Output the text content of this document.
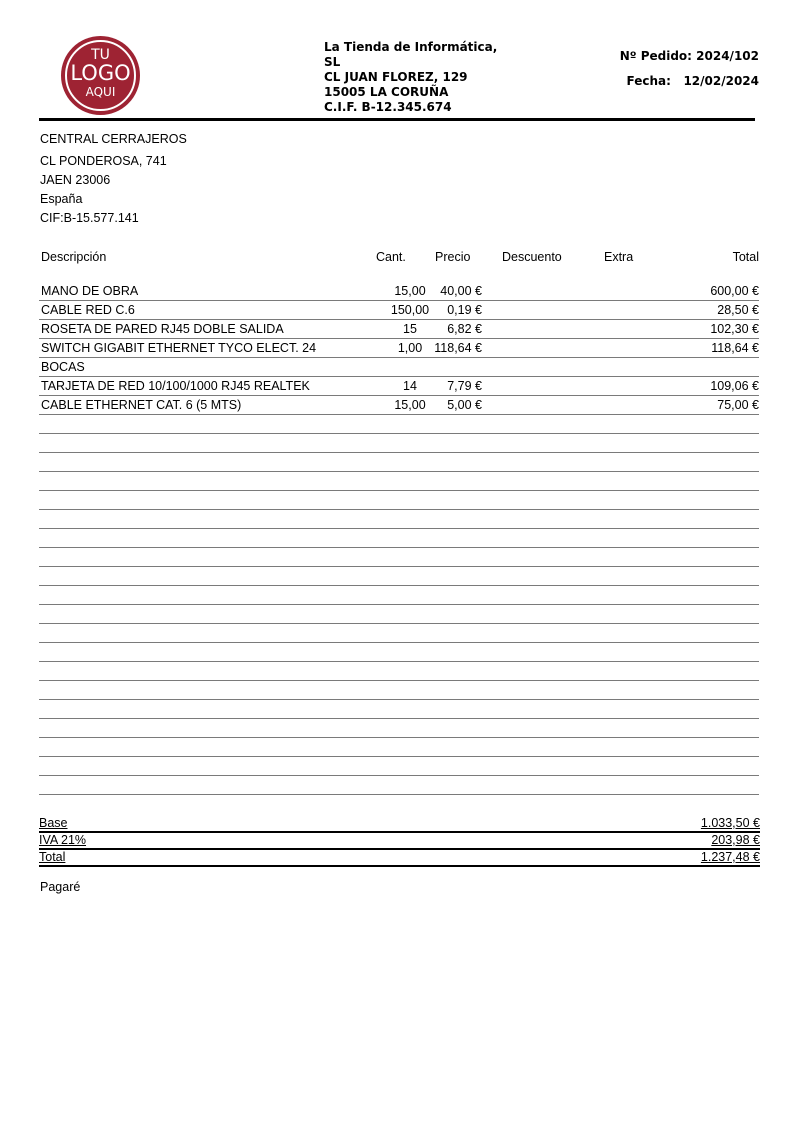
TU
LOGO
AQUI
La Tienda de Informática,
SL
CL JUAN FLOREZ, 129
15005 LA CORUÑA
C.I.F. B-12.345.674
Nº Pedido: 2024/102
Fecha: 12/02/2024
CENTRAL CERRAJEROS
CL PONDEROSA, 741
JAEN 23006
España
CIF:B-15.577.141
Descripción	Cant. Precio	Descuento	Extra	Total
MANO DE OBRA	15,00	40,00 €	600,00 €
CABLE RED C.6	150,00	0,19 €	28,50 €
ROSETA DE PARED RJ45 DOBLE SALIDA	15	6,82 €	102,30 €
SWITCH GIGABIT ETHERNET TYCO ELECT. 24	1,00 118,64 €	118,64 €
BOCAS
TARJETA DE RED 10/100/1000 RJ45 REALTEK	14	7,79 €	109,06 €
CABLE ETHERNET CAT. 6 (5 MTS)	15,00	5,00 €	75,00 €
Base	1.033,50 €
IVA 21%	203,98 €
Total	1.237,48 €
Pagaré
